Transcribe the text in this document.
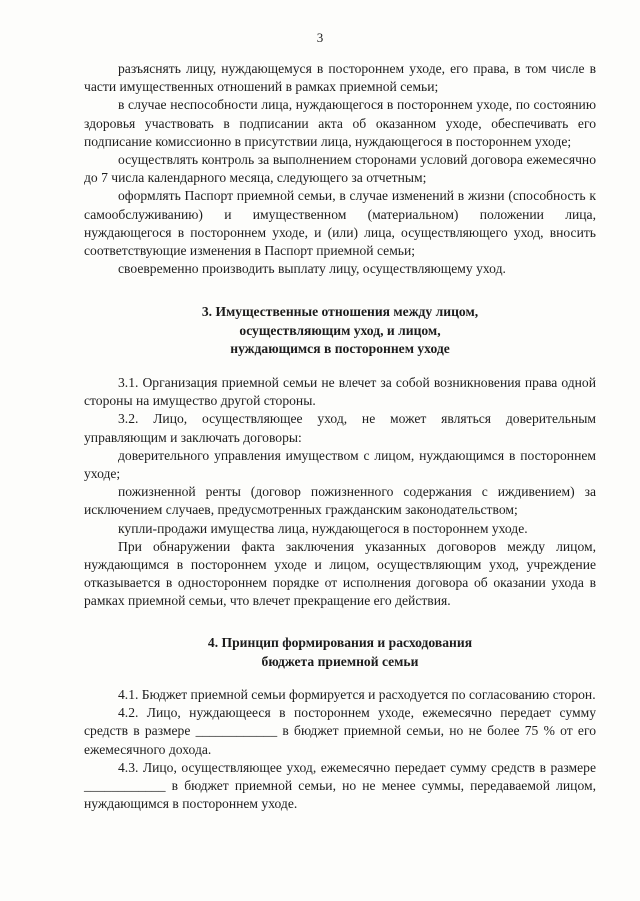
3

разъяснять лицу, нуждающемуся в постороннем уходе, его права, в том числе в части имущественных отношений в рамках приемной семьи;

в случае неспособности лица, нуждающегося в постороннем уходе, по состоянию здоровья участвовать в подписании акта об оказанном уходе, обеспечивать его подписание комиссионно в присутствии лица, нуждающегося в постороннем уходе;

осуществлять контроль за выполнением сторонами условий договора ежемесячно до 7 числа календарного месяца, следующего за отчетным;

оформлять Паспорт приемной семьи, в случае изменений в жизни (способность к самообслуживанию) и имущественном (материальном) положении лица, нуждающегося в постороннем уходе, и (или) лица, осуществляющего уход, вносить соответствующие изменения в Паспорт приемной семьи;

своевременно производить выплату лицу, осуществляющему уход.

3. Имущественные отношения между лицом,
осуществляющим уход, и лицом,
нуждающимся в постороннем уходе

3.1. Организация приемной семьи не влечет за собой возникновения права одной стороны на имущество другой стороны.

3.2. Лицо, осуществляющее уход, не может являться доверительным управляющим и заключать договоры:

доверительного управления имуществом с лицом, нуждающимся в постороннем уходе;

пожизненной ренты (договор пожизненного содержания с иждивением) за исключением случаев, предусмотренных гражданским законодательством;

купли-продажи имущества лица, нуждающегося в постороннем уходе.

При обнаружении факта заключения указанных договоров между лицом, нуждающимся в постороннем уходе и лицом, осуществляющим уход, учреждение отказывается в одностороннем порядке от исполнения договора об оказании ухода в рамках приемной семьи, что влечет прекращение его действия.

4. Принцип формирования и расходования
бюджета приемной семьи

4.1. Бюджет приемной семьи формируется и расходуется по согласованию сторон.

4.2. Лицо, нуждающееся в постороннем уходе, ежемесячно передает сумму средств в размере ____________ в бюджет приемной семьи, но не более 75 % от его ежемесячного дохода.

4.3. Лицо, осуществляющее уход, ежемесячно передает сумму средств в размере ____________ в бюджет приемной семьи, но не менее суммы, передаваемой лицом, нуждающимся в постороннем уходе.
